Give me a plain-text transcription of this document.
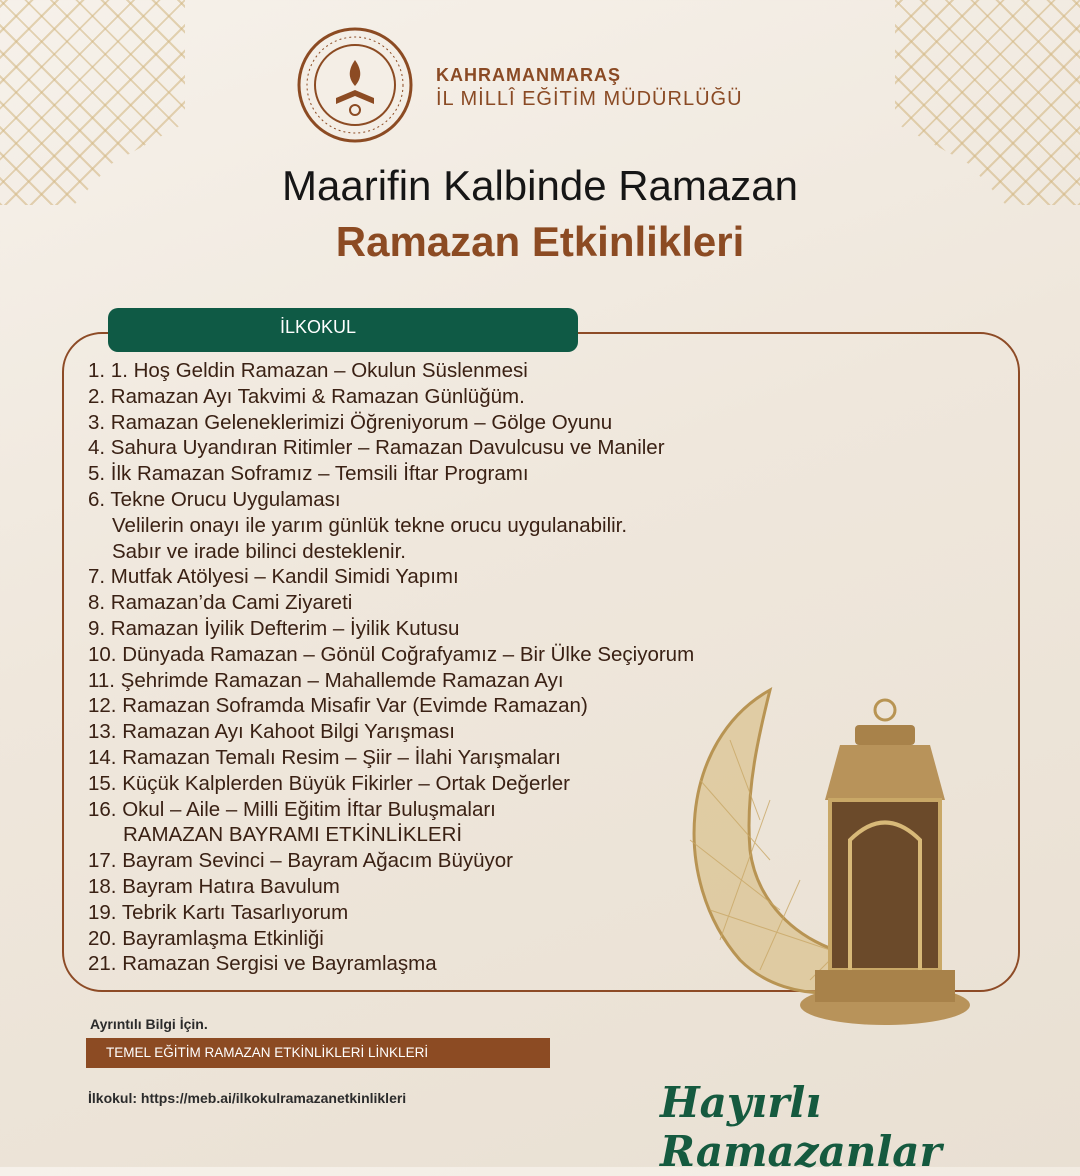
KAHRAMANMARAŞ
İL MİLLÎ EĞİTİM MÜDÜRLÜĞÜ
Maarifin Kalbinde Ramazan
Ramazan Etkinlikleri
İLKOKUL
1. 1. Hoş Geldin Ramazan – Okulun Süslenmesi
2. Ramazan Ayı Takvimi & Ramazan Günlüğüm.
3. Ramazan Geleneklerimizi Öğreniyorum – Gölge Oyunu
4. Sahura Uyandıran Ritimler – Ramazan Davulcusu ve Maniler
5. İlk Ramazan Soframız – Temsili İftar Programı
6. Tekne Orucu Uygulaması
Velilerin onayı ile yarım günlük tekne orucu uygulanabilir.
Sabır ve irade bilinci desteklenir.
7. Mutfak Atölyesi – Kandil Simidi Yapımı
8. Ramazan’da Cami Ziyareti
9. Ramazan İyilik Defterim – İyilik Kutusu
10. Dünyada Ramazan – Gönül Coğrafyamız – Bir Ülke Seçiyorum
11. Şehrimde Ramazan – Mahallemde Ramazan Ayı
12. Ramazan Soframda Misafir Var (Evimde Ramazan)
13. Ramazan Ayı Kahoot Bilgi Yarışması
14. Ramazan Temalı Resim – Şiir – İlahi Yarışmaları
15. Küçük Kalplerden Büyük Fikirler – Ortak Değerler
16. Okul – Aile – Milli Eğitim İftar Buluşmaları
RAMAZAN BAYRAMI ETKİNLİKLERİ
17. Bayram Sevinci – Bayram Ağacım Büyüyor
18. Bayram Hatıra Bavulum
19. Tebrik Kartı Tasarlıyorum
20. Bayramlaşma Etkinliği
21. Ramazan Sergisi ve Bayramlaşma
Ayrıntılı Bilgi İçin.
TEMEL EĞİTİM RAMAZAN ETKİNLİKLERİ LİNKLERİ
İlkokul: https://meb.ai/ilkokulramazanetkinlikleri	Hayırlı Ramazanlar
